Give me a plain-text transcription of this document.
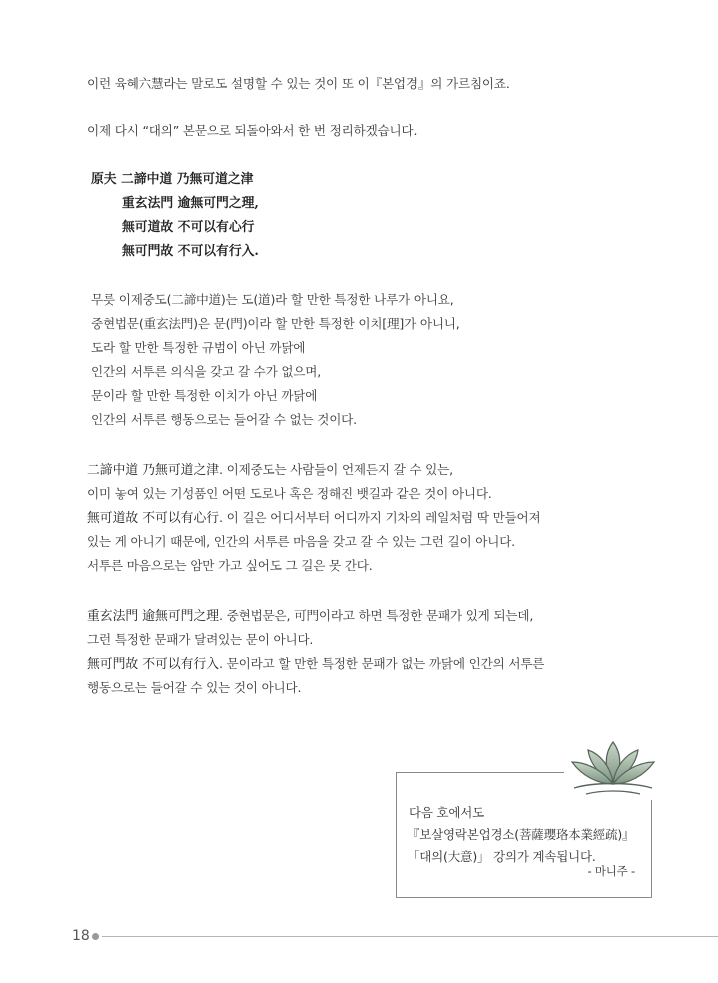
이런 육혜六慧라는 말로도 설명할 수 있는 것이 또 이『본업경』의 가르침이죠.
이제 다시 “대의” 본문으로 되돌아와서 한 번 정리하겠습니다.
原夫 二諦中道 乃無可道之津
重玄法門 逾無可門之理,
無可道故 不可以有心行
無可門故 不可以有行入.
무릇 이제중도(二諦中道)는 도(道)라 할 만한 특정한 나루가 아니요,
중현법문(重玄法門)은 문(門)이라 할 만한 특정한 이치[理]가 아니니,
도라 할 만한 특정한 규범이 아닌 까닭에
인간의 서투른 의식을 갖고 갈 수가 없으며,
문이라 할 만한 특정한 이치가 아닌 까닭에
인간의 서투른 행동으로는 들어갈 수 없는 것이다.
二諦中道 乃無可道之津. 이제중도는 사람들이 언제든지 갈 수 있는,
이미 놓여 있는 기성품인 어떤 도로나 혹은 정해진 뱃길과 같은 것이 아니다.
無可道故 不可以有心行. 이 길은 어디서부터 어디까지 기차의 레일처럼 딱 만들어져
있는 게 아니기 때문에, 인간의 서투른 마음을 갖고 갈 수 있는 그런 길이 아니다.
서투른 마음으로는 암만 가고 싶어도 그 길은 못 간다.
重玄法門 逾無可門之理. 중현법문은, 可門이라고 하면 특정한 문패가 있게 되는데,
그런 특정한 문패가 달려있는 문이 아니다.
無可門故 不可以有行入. 문이라고 할 만한 특정한 문패가 없는 까닭에 인간의 서투른
행동으로는 들어갈 수 있는 것이 아니다.
다음 호에서도
『보살영락본업경소(菩薩瓔珞本業經疏)』
「대의(大意)」 강의가 계속됩니다.
- 마니주 -
18
